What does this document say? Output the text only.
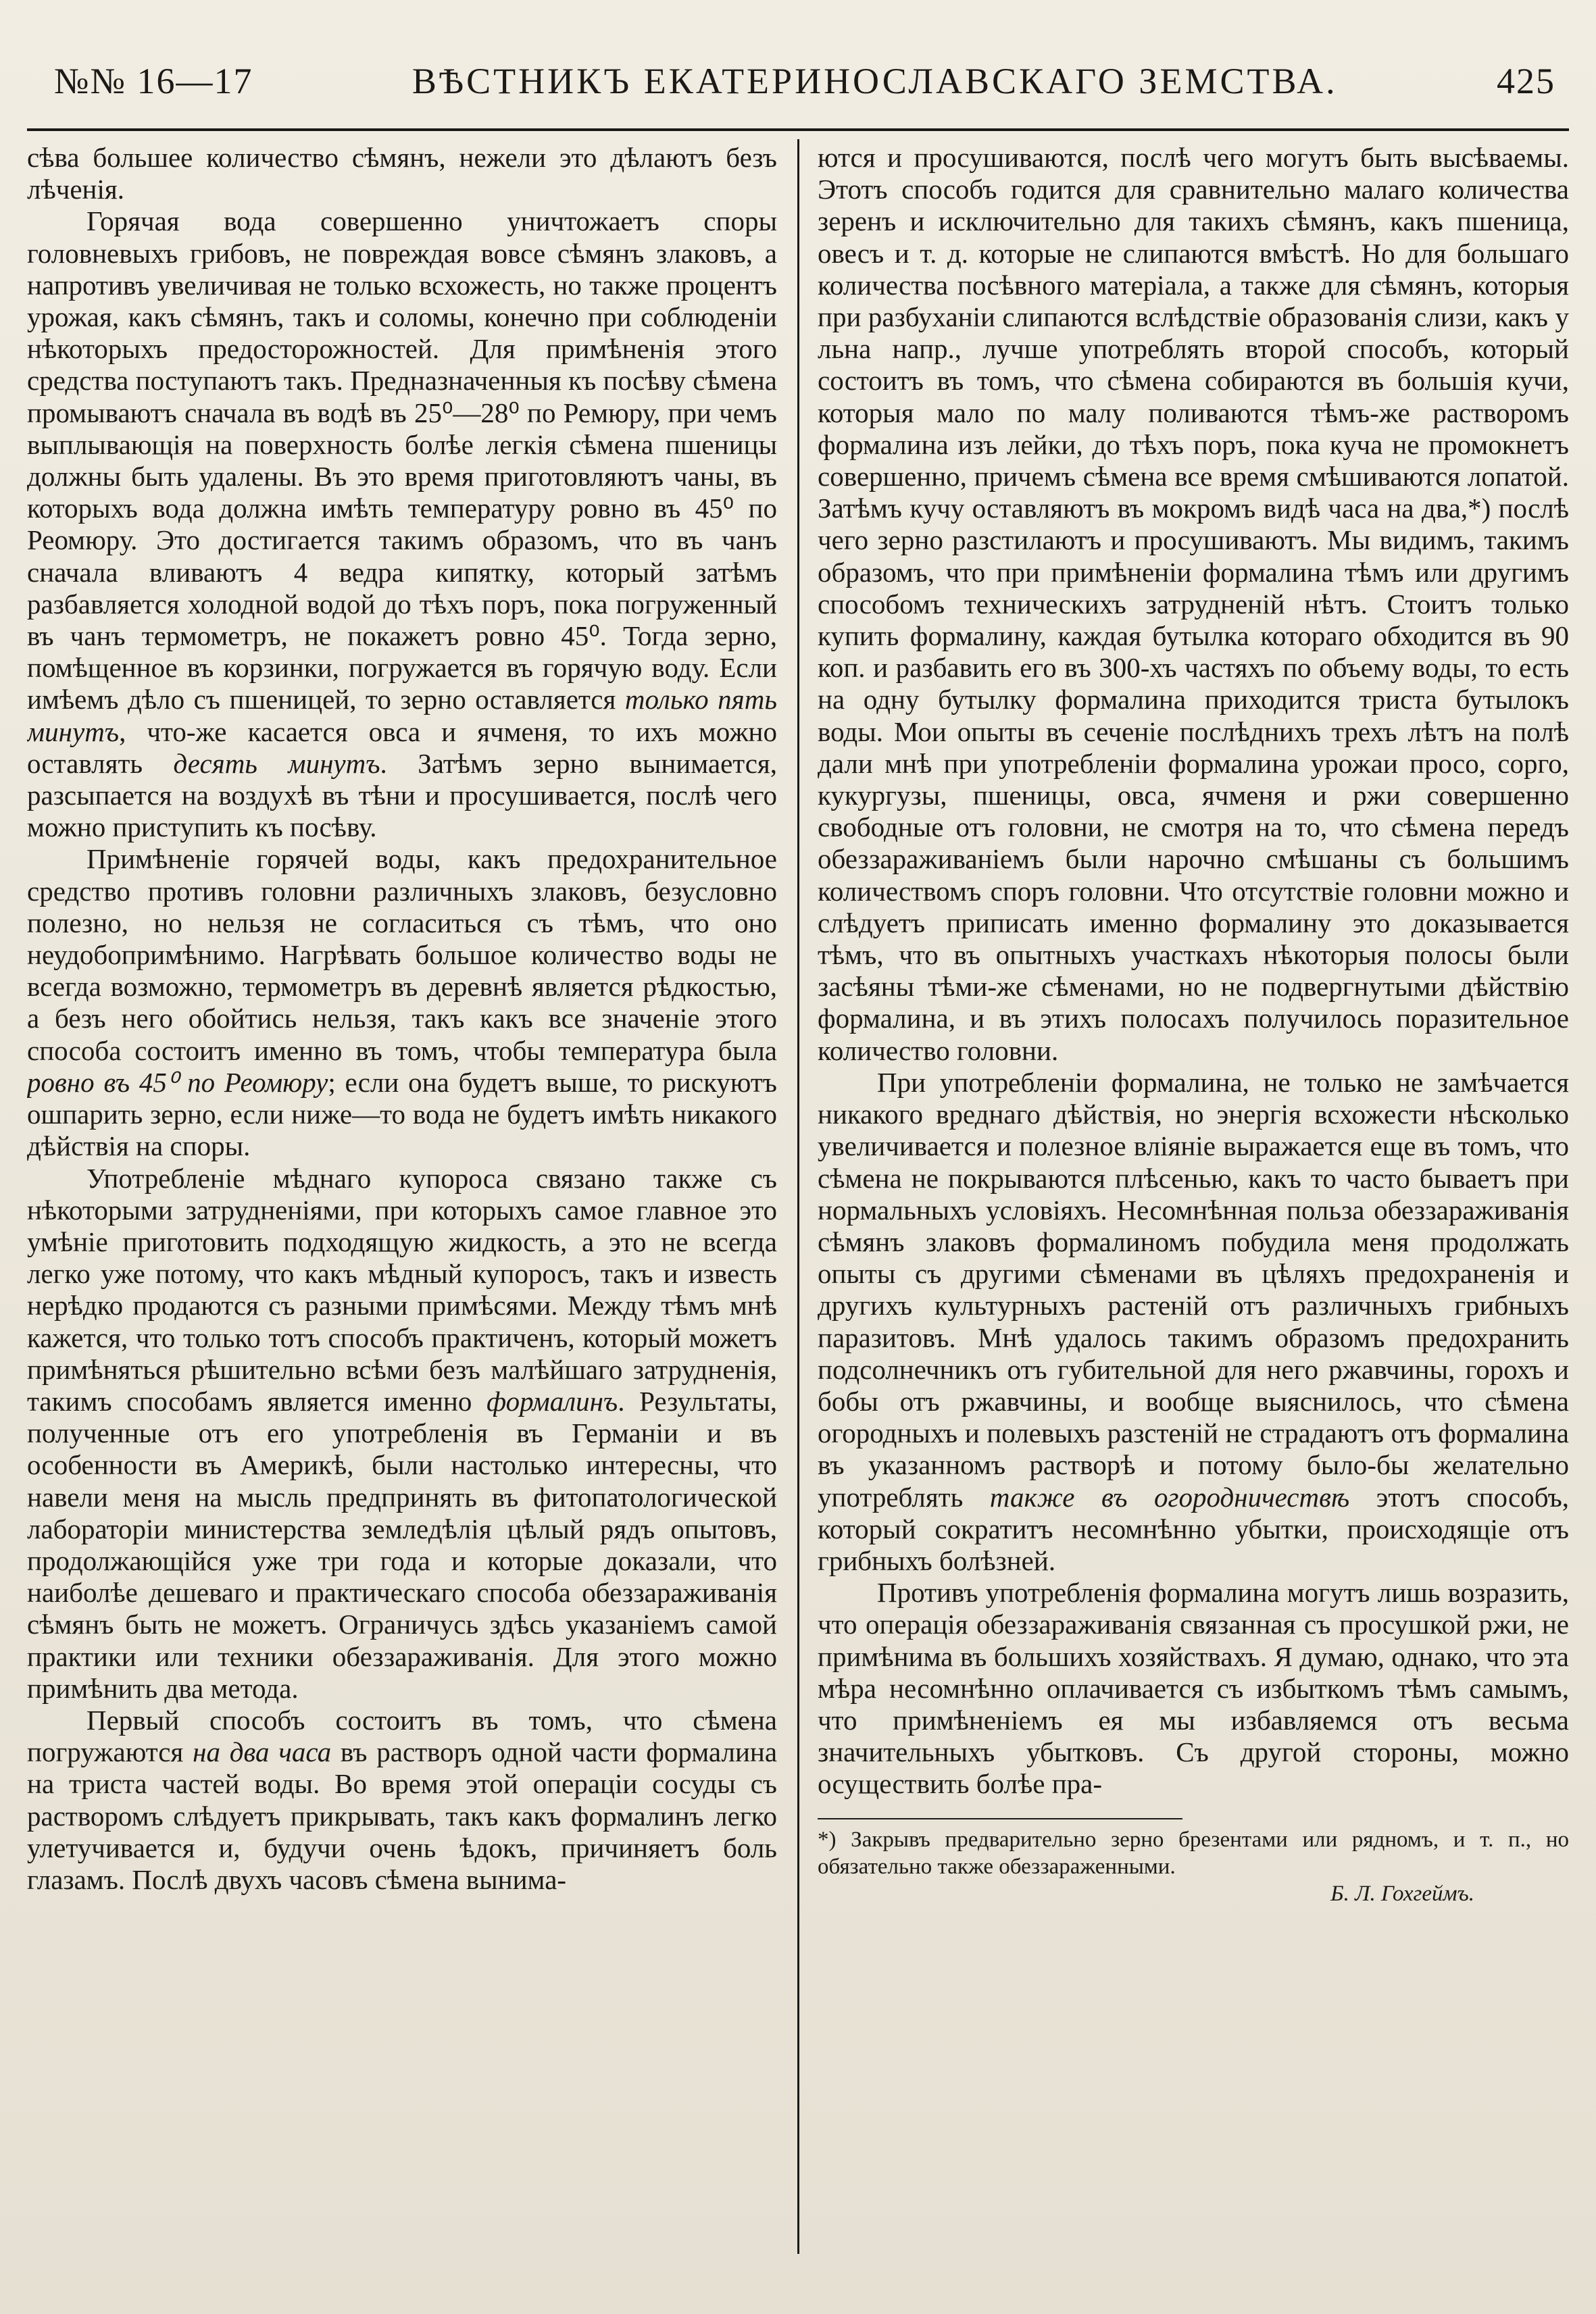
№№ 16—17	ВѢСТНИКЪ ЕКАТЕРИНОСЛАВСКАГО ЗЕМСТВА.	425

сѣва большее количество сѣмянъ, нежели это дѣлаютъ безъ лѣченія.

Горячая вода совершенно уничтожаетъ споры головневыхъ грибовъ, не повреждая вовсе сѣмянъ злаковъ, а напротивъ увеличивая не только всхожесть, но также процентъ урожая, какъ сѣмянъ, такъ и соломы, конечно при соблюденіи нѣкоторыхъ предосторожностей. Для примѣненія этого средства поступаютъ такъ. Предназначенныя къ посѣву сѣмена промываютъ сначала въ водѣ въ 25⁰—28⁰ по Ремюру, при чемъ выплывающія на поверхность болѣе легкія сѣмена пшеницы должны быть удалены. Въ это время приготовляютъ чаны, въ которыхъ вода должна имѣть температуру ровно въ 45⁰ по Реомюру. Это достигается такимъ образомъ, что въ чанъ сначала вливаютъ 4 ведра кипятку, который затѣмъ разбавляется холодной водой до тѣхъ поръ, пока погруженный въ чанъ термометръ, не покажетъ ровно 45⁰. Тогда зерно, помѣщенное въ корзинки, погружается въ горячую воду. Если имѣемъ дѣло съ пшеницей, то зерно оставляется только пять минутъ, что-же касается овса и ячменя, то ихъ можно оставлять десять минутъ. Затѣмъ зерно вынимается, разсыпается на воздухѣ въ тѣни и просушивается, послѣ чего можно приступить къ посѣву.

Примѣненіе горячей воды, какъ предохранительное средство противъ головни различныхъ злаковъ, безусловно полезно, но нельзя не согласиться съ тѣмъ, что оно неудобопримѣнимо. Нагрѣвать большое количество воды не всегда возможно, термометръ въ деревнѣ является рѣдкостью, а безъ него обойтись нельзя, такъ какъ все значеніе этого способа состоитъ именно въ томъ, чтобы температура была ровно въ 45⁰ по Реомюру; если она будетъ выше, то рискуютъ ошпарить зерно, если ниже—то вода не будетъ имѣть никакого дѣйствія на споры.

Употребленіе мѣднаго купороса связано также съ нѣкоторыми затрудненіями, при которыхъ самое главное это умѣніе приготовить подходящую жидкость, а это не всегда легко уже потому, что какъ мѣдный купоросъ, такъ и известь нерѣдко продаются съ разными примѣсями. Между тѣмъ мнѣ кажется, что только тотъ способъ практиченъ, который можетъ примѣняться рѣшительно всѣми безъ малѣйшаго затрудненія, такимъ способамъ является именно формалинъ. Результаты, полученные отъ его употребленія въ Германіи и въ особенности въ Америкѣ, были настолько интересны, что навели меня на мысль предпринять въ фитопатологической лабораторіи министерства земледѣлія цѣлый рядъ опытовъ, продолжающійся уже три года и которые доказали, что наиболѣе дешеваго и практическаго способа обеззараживанія сѣмянъ быть не можетъ. Ограничусь здѣсь указаніемъ самой практики или техники обеззараживанія. Для этого можно примѣнить два метода.

Первый способъ состоитъ въ томъ, что сѣмена погружаются на два часа въ растворъ одной части формалина на триста частей воды. Во время этой операціи сосуды съ растворомъ слѣдуетъ прикрывать, такъ какъ формалинъ легко улетучивается и, будучи очень ѣдокъ, причиняетъ боль глазамъ. Послѣ двухъ часовъ сѣмена вынима-

ются и просушиваются, послѣ чего могутъ быть высѣваемы. Этотъ способъ годится для сравнительно малаго количества зеренъ и исключительно для такихъ сѣмянъ, какъ пшеница, овесъ и т. д. которые не слипаются вмѣстѣ. Но для большаго количества посѣвного матеріала, а также для сѣмянъ, которыя при разбуханіи слипаются вслѣдствіе образованія слизи, какъ у льна напр., лучше употреблять второй способъ, который состоитъ въ томъ, что сѣмена собираются въ большія кучи, которыя мало по малу поливаются тѣмъ-же растворомъ формалина изъ лейки, до тѣхъ поръ, пока куча не промокнетъ совершенно, причемъ сѣмена все время смѣшиваются лопатой. Затѣмъ кучу оставляютъ въ мокромъ видѣ часа на два,*) послѣ чего зерно разстилаютъ и просушиваютъ. Мы видимъ, такимъ образомъ, что при примѣненіи формалина тѣмъ или другимъ способомъ техническихъ затрудненій нѣтъ. Стоитъ только купить формалину, каждая бутылка котораго обходится въ 90 коп. и разбавить его въ 300-хъ частяхъ по объему воды, то есть на одну бутылку формалина приходится триста бутылокъ воды. Мои опыты въ сеченіе послѣднихъ трехъ лѣтъ на полѣ дали мнѣ при употребленіи формалина урожаи просо, сорго, кукургузы, пшеницы, овса, ячменя и ржи совершенно свободные отъ головни, не смотря на то, что сѣмена передъ обеззараживаніемъ были нарочно смѣшаны съ большимъ количествомъ споръ головни. Что отсутствіе головни можно и слѣдуетъ приписать именно формалину это доказывается тѣмъ, что въ опытныхъ участкахъ нѣкоторыя полосы были засѣяны тѣми-же сѣменами, но не подвергнутыми дѣйствію формалина, и въ этихъ полосахъ получилось поразительное количество головни.

При употребленіи формалина, не только не замѣчается никакого вреднаго дѣйствія, но энергія всхожести нѣсколько увеличивается и полезное вліяніе выражается еще въ томъ, что сѣмена не покрываются плѣсенью, какъ то часто бываетъ при нормальныхъ условіяхъ. Несомнѣнная польза обеззараживанія сѣмянъ злаковъ формалиномъ побудила меня продолжать опыты съ другими сѣменами въ цѣляхъ предохраненія и другихъ культурныхъ растеній отъ различныхъ грибныхъ паразитовъ. Мнѣ удалось такимъ образомъ предохранить подсолнечникъ отъ губительной для него ржавчины, горохъ и бобы отъ ржавчины, и вообще выяснилось, что сѣмена огородныхъ и полевыхъ разстеній не страдаютъ отъ формалина въ указанномъ растворѣ и потому было-бы желательно употреблять также въ огородничествѣ этотъ способъ, который сократитъ несомнѣнно убытки, происходящіе отъ грибныхъ болѣзней.

Противъ употребленія формалина могутъ лишь возразить, что операція обеззараживанія связанная съ просушкой ржи, не примѣнима въ большихъ хозяйствахъ. Я думаю, однако, что эта мѣра несомнѣнно оплачивается съ избыткомъ тѣмъ самымъ, что примѣненіемъ ея мы избавляемся отъ весьма значительныхъ убытковъ. Съ другой стороны, можно осуществить болѣе пра-

*) Закрывъ предварительно зерно брезентами или рядномъ, и т. п., но обязательно также обеззараженными.
Б. Л. Гохгеймъ.
